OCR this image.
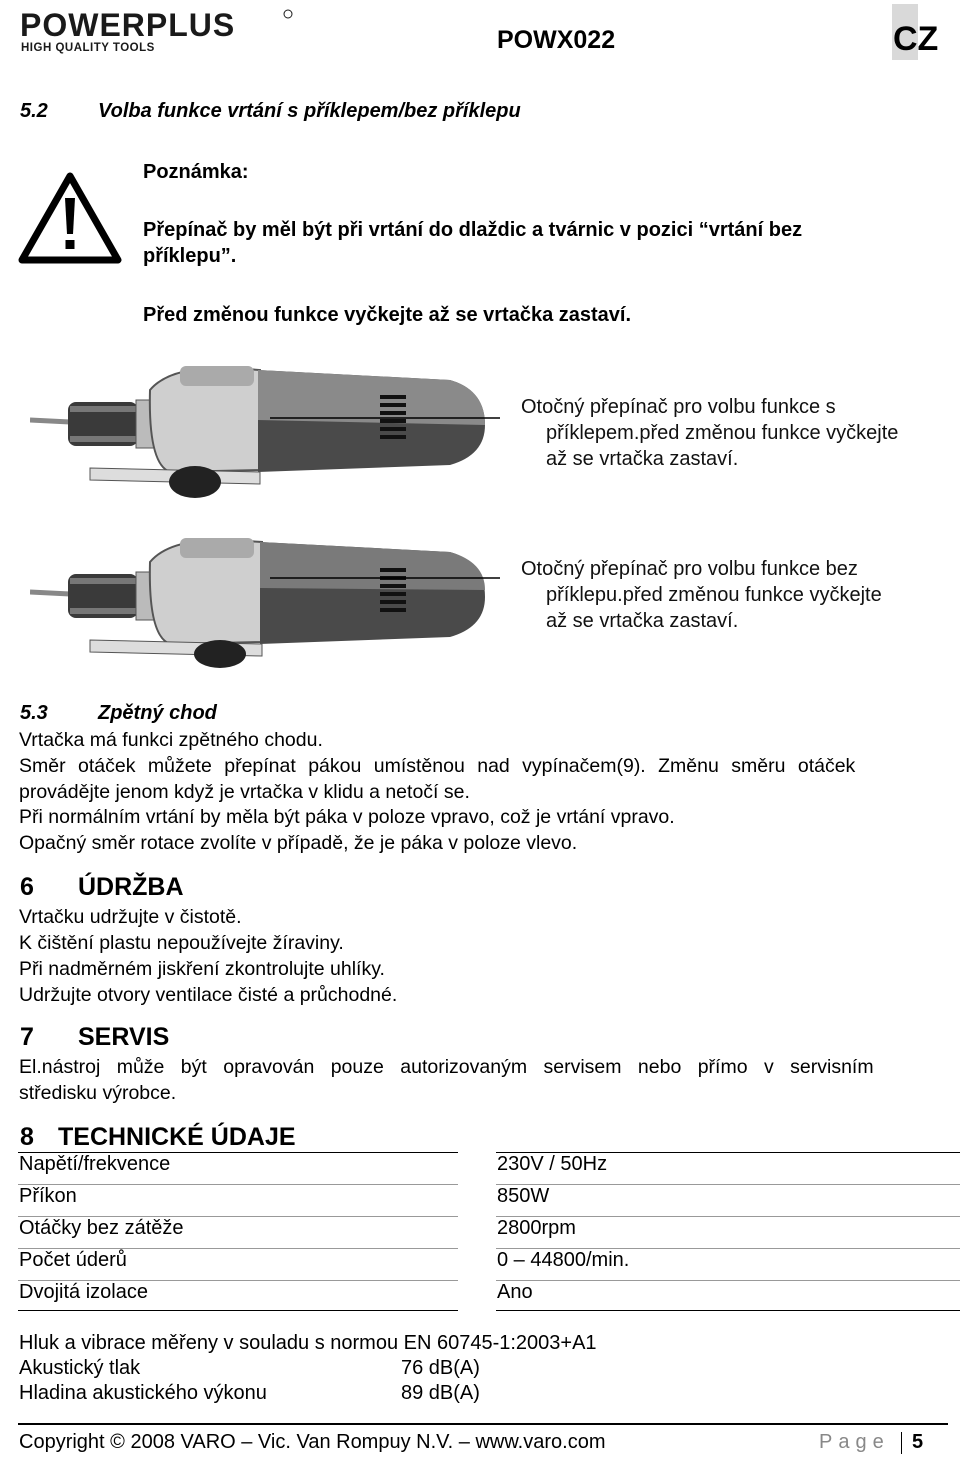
POWERPLUS
HIGH QUALITY TOOLS	POWX022	CZ
5.2	Volba funkce vrtání s příklepem/bez příklepu
Poznámka:
Přepínač by měl být při vrtání do dlaždic a tvárnic v pozici “vrtání bez
příklepu”.
Před změnou funkce vyčkejte až se vrtačka zastaví.
Otočný přepínač pro volbu funkce s
příklepem.před změnou funkce vyčkejte
až se vrtačka zastaví.
Otočný přepínač pro volbu funkce bez
příklepu.před změnou funkce vyčkejte
až se vrtačka zastaví.
5.3	Zpětný chod
Vrtačka má funkci zpětného chodu.
Směr otáček můžete přepínat pákou umístěnou nad vypínačem(9). Změnu směru otáček
provádějte jenom když je vrtačka v klidu a netočí se.
Při normálním vrtání by měla být páka v poloze vpravo, což je vrtání vpravo.
Opačný směr rotace zvolíte v případě, že je páka v poloze vlevo.
6 ÚDRŽBA
Vrtačku udržujte v čistotě.
K čištění plastu nepoužívejte žíraviny.
Při nadměrném jiskření zkontrolujte uhlíky.
Udržujte otvory ventilace čisté a průchodné.
7 SERVIS
El.nástroj může být opravován pouze autorizovaným servisem nebo přímo v servisním
středisku výrobce.
8 TECHNICKÉ ÚDAJE
Napětí/frekvence	230V / 50Hz
Příkon	850W
Otáčky bez zátěže	2800rpm
Počet úderů	0 – 44800/min.
Dvojitá izolace	Ano
Hluk a vibrace měřeny v souladu s normou EN 60745-1:2003+A1
Akustický tlak	76 dB(A)
Hladina akustického výkonu	89 dB(A)
Copyright © 2008 VARO – Vic. Van Rompuy N.V. – www.varo.com	Page 5
